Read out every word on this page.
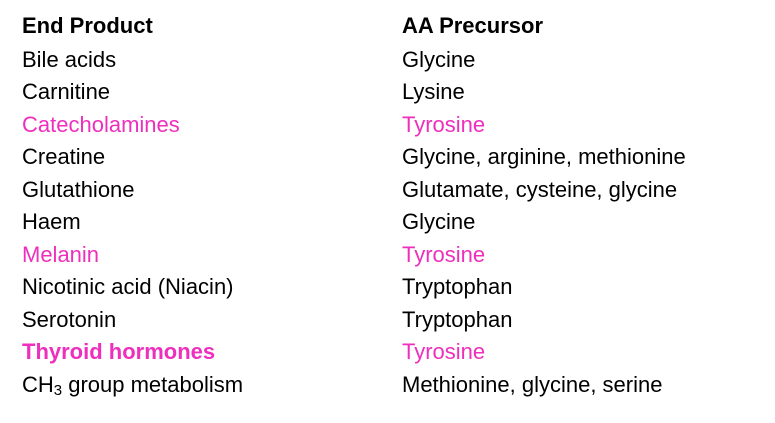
End Product	AA Precursor
Bile acids	Glycine
Carnitine	Lysine
Catecholamines	Tyrosine
Creatine	Glycine, arginine, methionine
Glutathione	Glutamate, cysteine, glycine
Haem	Glycine
Melanin	Tyrosine
Nicotinic acid (Niacin)	Tryptophan
Serotonin	Tryptophan
Thyroid hormones	Tyrosine
$CH_3$ group metabolism	Methionine, glycine, serine
